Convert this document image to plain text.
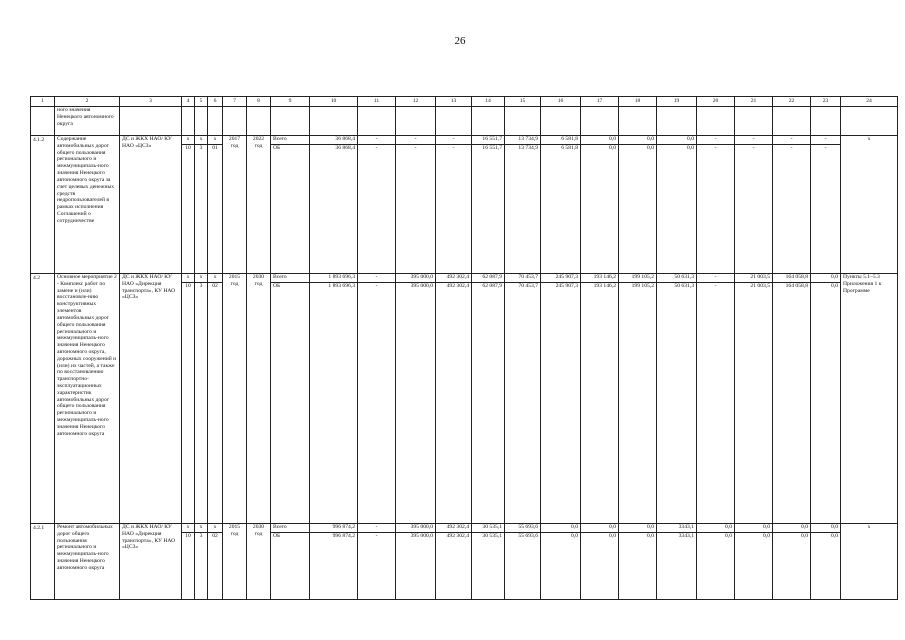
26
1	2	3	4	5	6	7	8	9	10	11	12	13	14	15	16	17	18	19	20	21	22	23	24
	ного значения Ненецкого автономного округа																						
4.1.2	Содержание автомобильных дорог общего пользования регионального и межмуниципаль-ного значения Ненецкого автономного округа за счет целевых денежных средств недропользователей в рамках исполнения Соглашений о сотрудничестве	ДС и ЖКХ НАО/ КУ НАО «ЦСЗ»	х	х	х	2017 год	2022 год	Всего	36 868,4	-	-	-	16 551,7	13 734,9	6 581,8	0,0	0,0	0,0	-	-	-	-	х
			10	3	01			ОБ	36 868,4	-	-	-	16 551,7	13 734,9	6 581,8	0,0	0,0	0,0	-	-	-	-	
4.2	Основное мероприятие 2 - Комплекс работ по замене и (или) восстановле-нию конструктивных элементов автомобильных дорог общего пользования регионального и межмуниципаль-ного значения Ненецкого автономного округа, дорожных сооружений и (или) их частей, а также по восстановлению транспортно-эксплуатационных характеристик автомобильных дорог общего пользования регионального и межмуниципаль-ного значения Ненецкого автономного округа	ДС и ЖКХ НАО/ КУ НАО «Дирекция транспорта», КУ НАО «ЦСЗ»	х	х	х	2015 год	2030 год	Всего	1 893 696,3	-	395 000,0	492 302,4	62 087,9	70 453,7	245 907,3	193 146,2	199 105,2	50 631,3	-	21 003,5	164 058,8	0,0	Пункты 5.1–5.3 Приложения 1 к Программе
			10	3	02			ОБ	1 893 696,3	-	395 000,0	492 302,4	62 087,9	70 453,7	245 907,3	193 146,2	199 105,2	50 631,3	-	21 003,5	164 058,8	0,0	
4.2.1	Ремонт автомобильных дорог общего пользования регионального и межмуниципаль-ного значения Ненецкого автономного округа	ДС и ЖКХ НАО/ КУ НАО «Дирекция транспорта», КУ НАО «ЦСЗ»	х	х	х	2015 год	2030 год	Всего	996 874,2	-	395 000,0	492 302,4	30 535,1	55 693,6	0,0	0,0	0,0	3343,1	0,0	0,0	0,0	0,0	х
			10	3	02			ОБ	996 874,2	-	395 000,0	492 302,4	30 535,1	55 693,6	0,0	0,0	0,0	3343,1	0,0	0,0	0,0	0,0	
